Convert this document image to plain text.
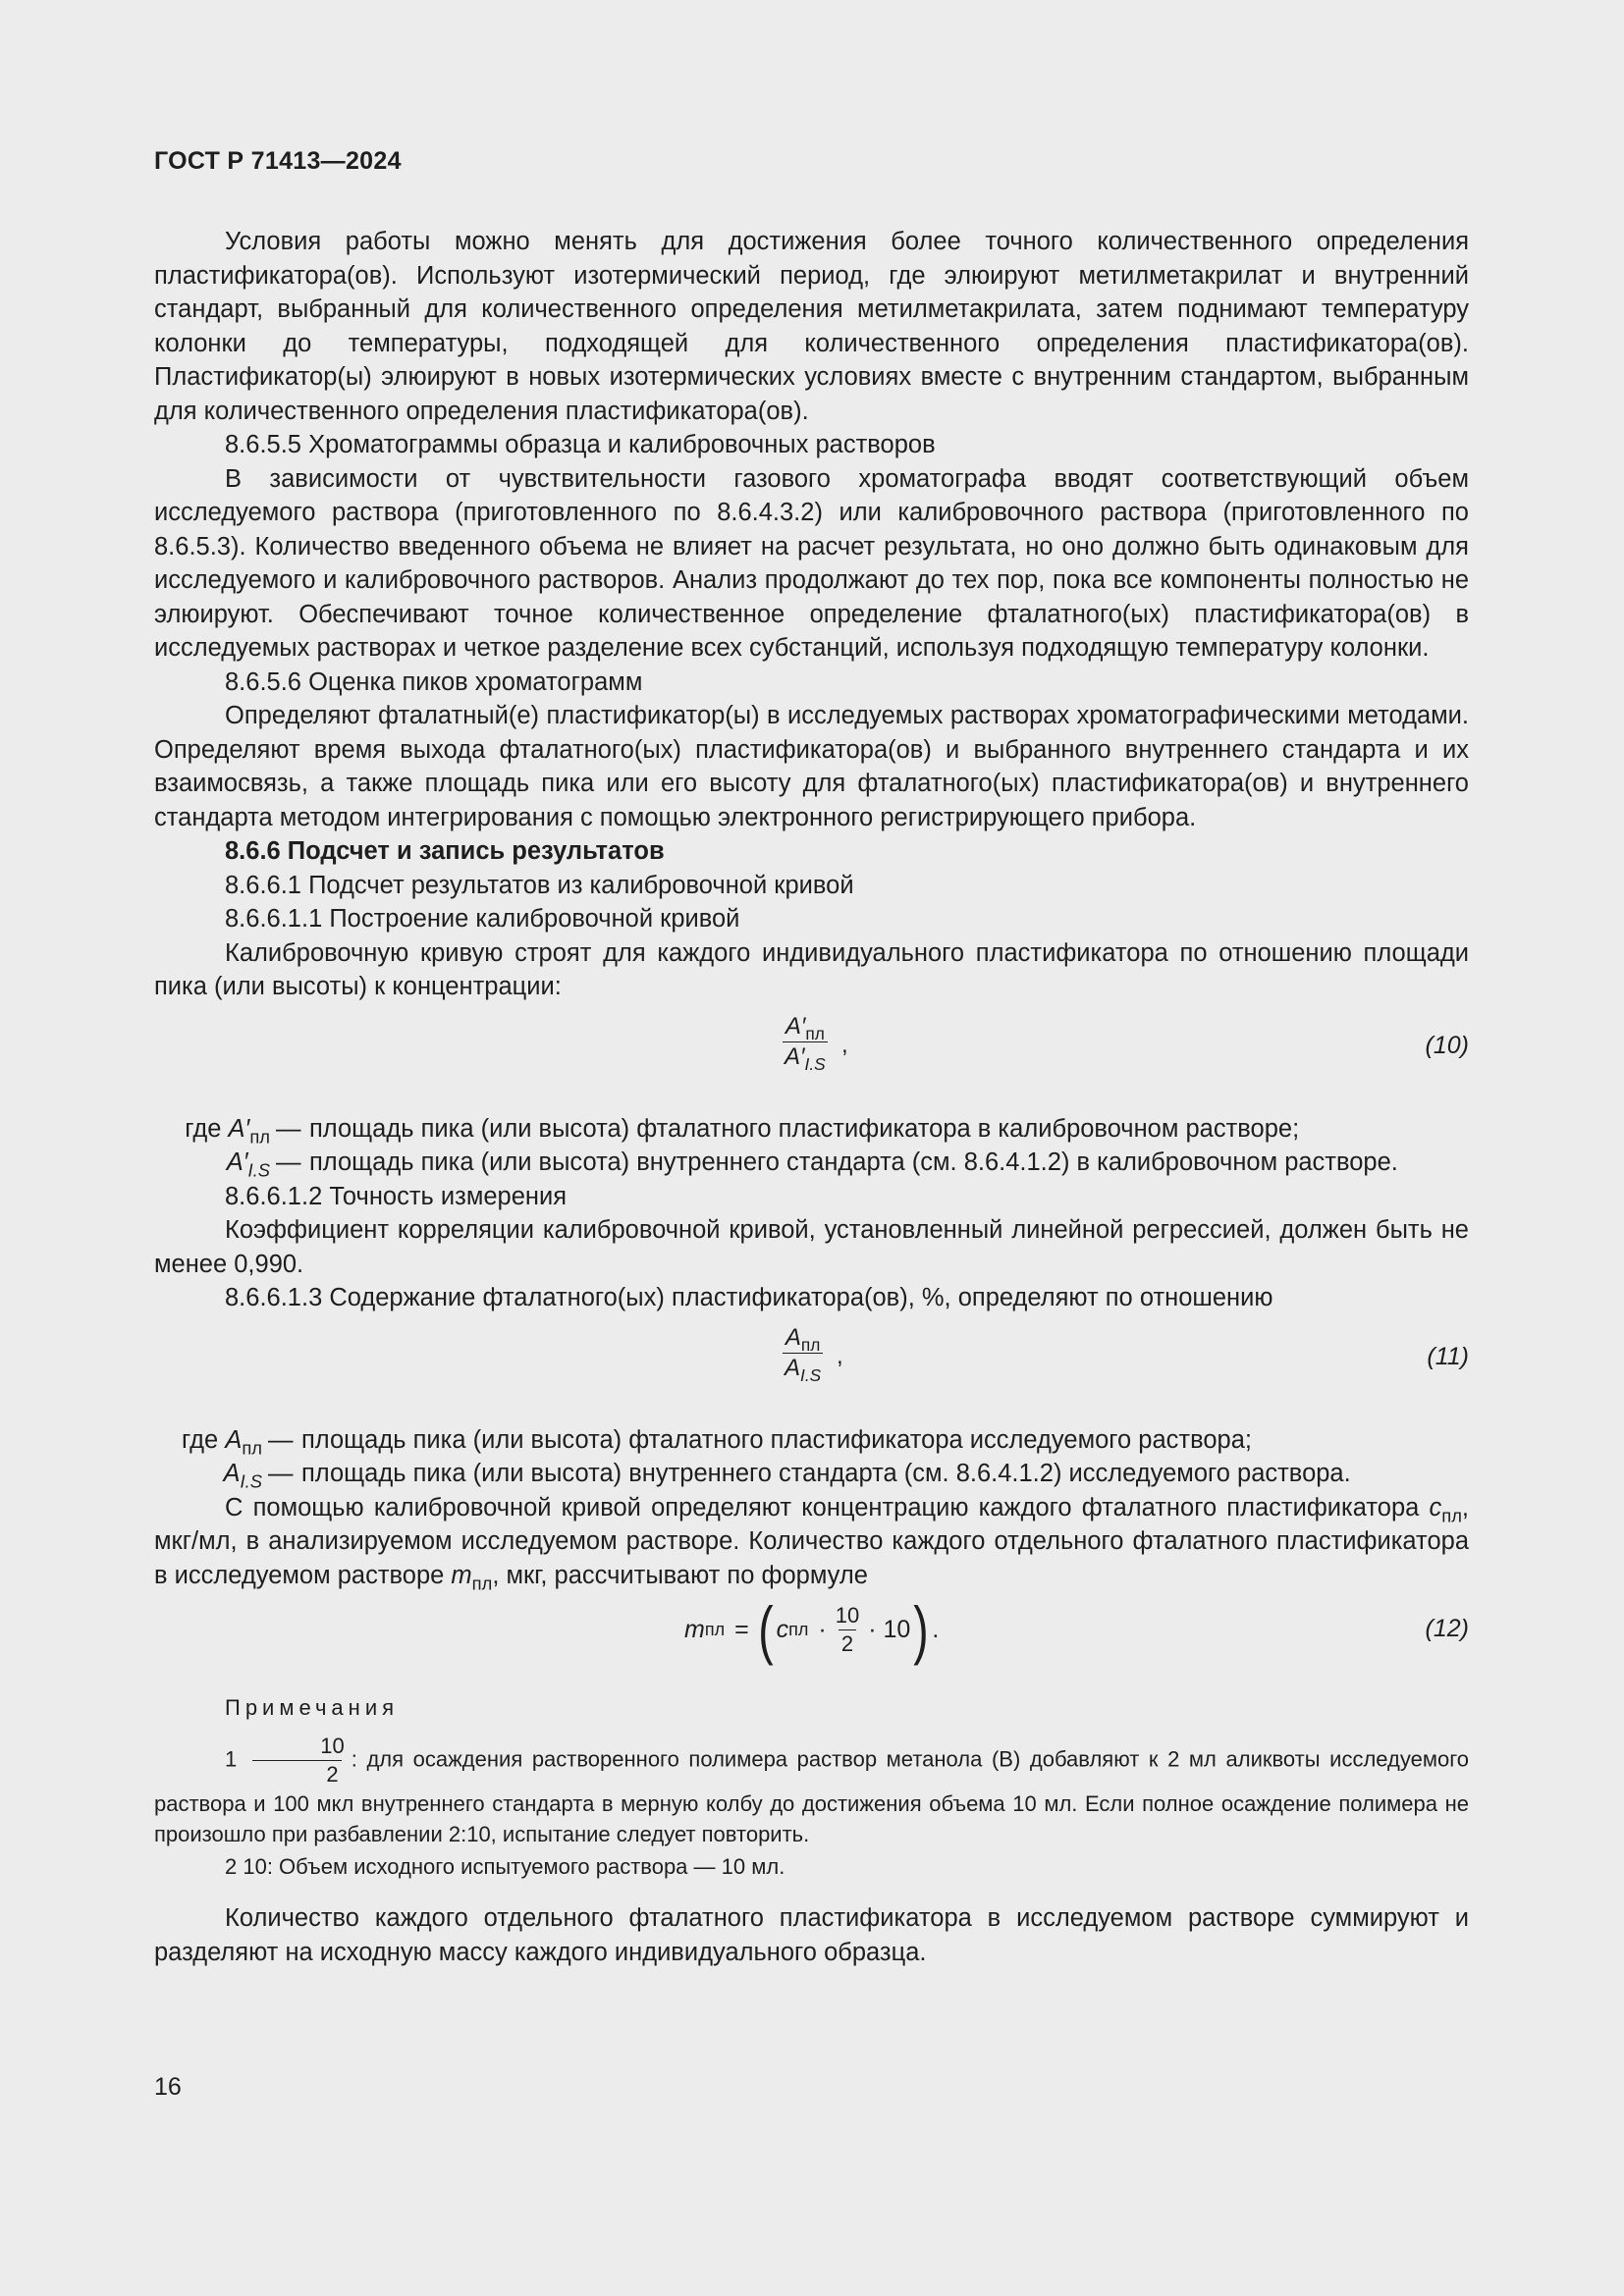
ГОСТ Р 71413—2024

Условия работы можно менять для достижения более точного количественного определения пластификатора(ов). Используют изотермический период, где элюируют метилметакрилат и внутренний стандарт, выбранный для количественного определения метилметакрилата, затем поднимают температуру колонки до температуры, подходящей для количественного определения пластификатора(ов). Пластификатор(ы) элюируют в новых изотермических условиях вместе с внутренним стандартом, выбранным для количественного определения пластификатора(ов).

8.6.5.5 Хроматограммы образца и калибровочных растворов

В зависимости от чувствительности газового хроматографа вводят соответствующий объем исследуемого раствора (приготовленного по 8.6.4.3.2) или калибровочного раствора (приготовленного по 8.6.5.3). Количество введенного объема не влияет на расчет результата, но оно должно быть одинаковым для исследуемого и калибровочного растворов. Анализ продолжают до тех пор, пока все компоненты полностью не элюируют. Обеспечивают точное количественное определение фталатного(ых) пластификатора(ов) в исследуемых растворах и четкое разделение всех субстанций, используя подходящую температуру колонки.

8.6.5.6 Оценка пиков хроматограмм

Определяют фталатный(е) пластификатор(ы) в исследуемых растворах хроматографическими методами. Определяют время выхода фталатного(ых) пластификатора(ов) и выбранного внутреннего стандарта и их взаимосвязь, а также площадь пика или его высоту для фталатного(ых) пластификатора(ов) и внутреннего стандарта методом интегрирования с помощью электронного регистрирующего прибора.

8.6.6 Подсчет и запись результатов

8.6.6.1 Подсчет результатов из калибровочной кривой

8.6.6.1.1 Построение калибровочной кривой

Калибровочную кривую строят для каждого индивидуального пластификатора по отношению площади пика (или высоты) к концентрации:

$A'_{пл}$
$A'_{I.S}$
,	(10)
где $A'_{пл}$ — площадь пика (или высота) фталатного пластификатора в калибровочном растворе;
$A'_{I.S}$ — площадь пика (или высота) внутреннего стандарта (см. 8.6.4.1.2) в калибровочном растворе.

8.6.6.1.2 Точность измерения

Коэффициент корреляции калибровочной кривой, установленный линейной регрессией, должен быть не менее 0,990.

8.6.6.1.3 Содержание фталатного(ых) пластификатора(ов), %, определяют по отношению

$A_{пл}$
$A_{I.S}$
,	(11)
где $A_{пл}$ — площадь пика (или высота) фталатного пластификатора исследуемого раствора;
$A_{I.S}$ — площадь пика (или высота) внутреннего стандарта (см. 8.6.4.1.2) исследуемого раствора.

С помощью калибровочной кривой определяют концентрацию каждого фталатного пластификатора $c_{пл}$, мкг/мл, в анализируемом исследуемом растворе. Количество каждого отдельного фталатного пластификатора в исследуемом растворе $m_{пл}$, мкг, рассчитывают по формуле

m пл = ( c пл · $\frac{10}{2} \cdot 10$ ) .	(12)

Примечания

$1 \frac{10}{2}$ : для осаждения растворенного полимера раствор метанола (B) добавляют к 2 мл аликвоты исследуемого раствора и 100 мкл внутреннего стандарта в мерную колбу до достижения объема 10 мл. Если полное осаждение полимера не произошло при разбавлении 2:10, испытание следует повторить.

2 10: Объем исходного испытуемого раствора — 10 мл.

Количество каждого отдельного фталатного пластификатора в исследуемом растворе суммируют и разделяют на исходную массу каждого индивидуального образца.

16
